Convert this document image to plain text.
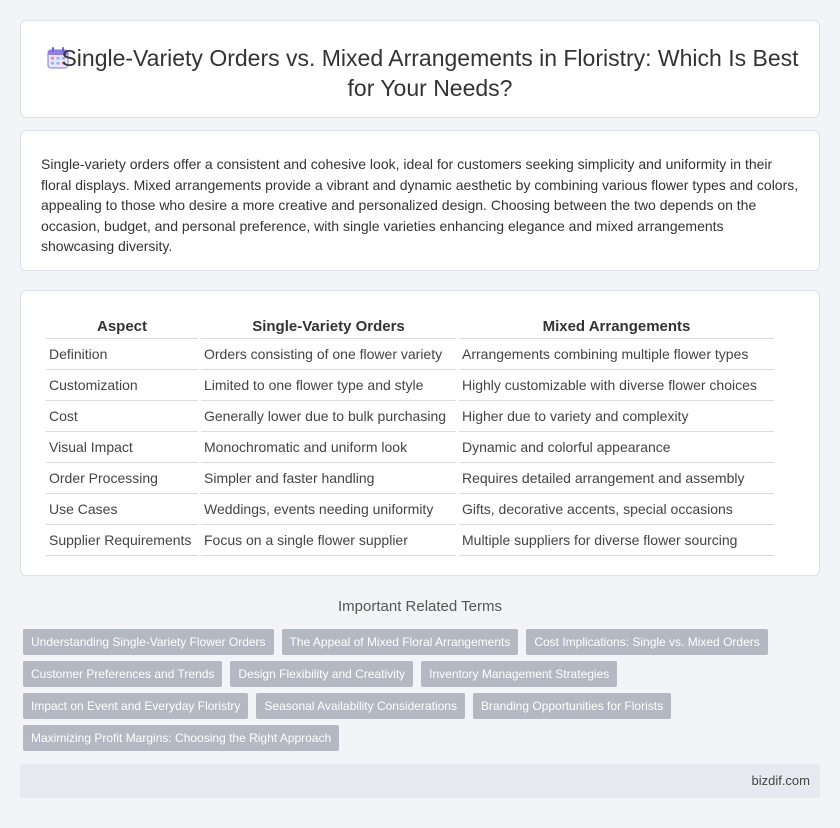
Single-Variety Orders vs. Mixed Arrangements in Floristry: Which Is Best for Your Needs?

Single-variety orders offer a consistent and cohesive look, ideal for customers seeking simplicity and uniformity in their floral displays. Mixed arrangements provide a vibrant and dynamic aesthetic by combining various flower types and colors, appealing to those who desire a more creative and personalized design. Choosing between the two depends on the occasion, budget, and personal preference, with single varieties enhancing elegance and mixed arrangements showcasing diversity.

Aspect	Single-Variety Orders	Mixed Arrangements
Definition	Orders consisting of one flower variety	Arrangements combining multiple flower types
Customization	Limited to one flower type and style	Highly customizable with diverse flower choices
Cost	Generally lower due to bulk purchasing	Higher due to variety and complexity
Visual Impact	Monochromatic and uniform look	Dynamic and colorful appearance
Order Processing	Simpler and faster handling	Requires detailed arrangement and assembly
Use Cases	Weddings, events needing uniformity	Gifts, decorative accents, special occasions
Supplier Requirements	Focus on a single flower supplier	Multiple suppliers for diverse flower sourcing
Important Related Terms
Understanding Single-Variety Flower Orders	The Appeal of Mixed Floral Arrangements	Cost Implications: Single vs. Mixed Orders
Customer Preferences and Trends	Design Flexibility and Creativity	Inventory Management Strategies
Impact on Event and Everyday Floristry	Seasonal Availability Considerations	Branding Opportunities for Florists
Maximizing Profit Margins: Choosing the Right Approach
bizdif.com
